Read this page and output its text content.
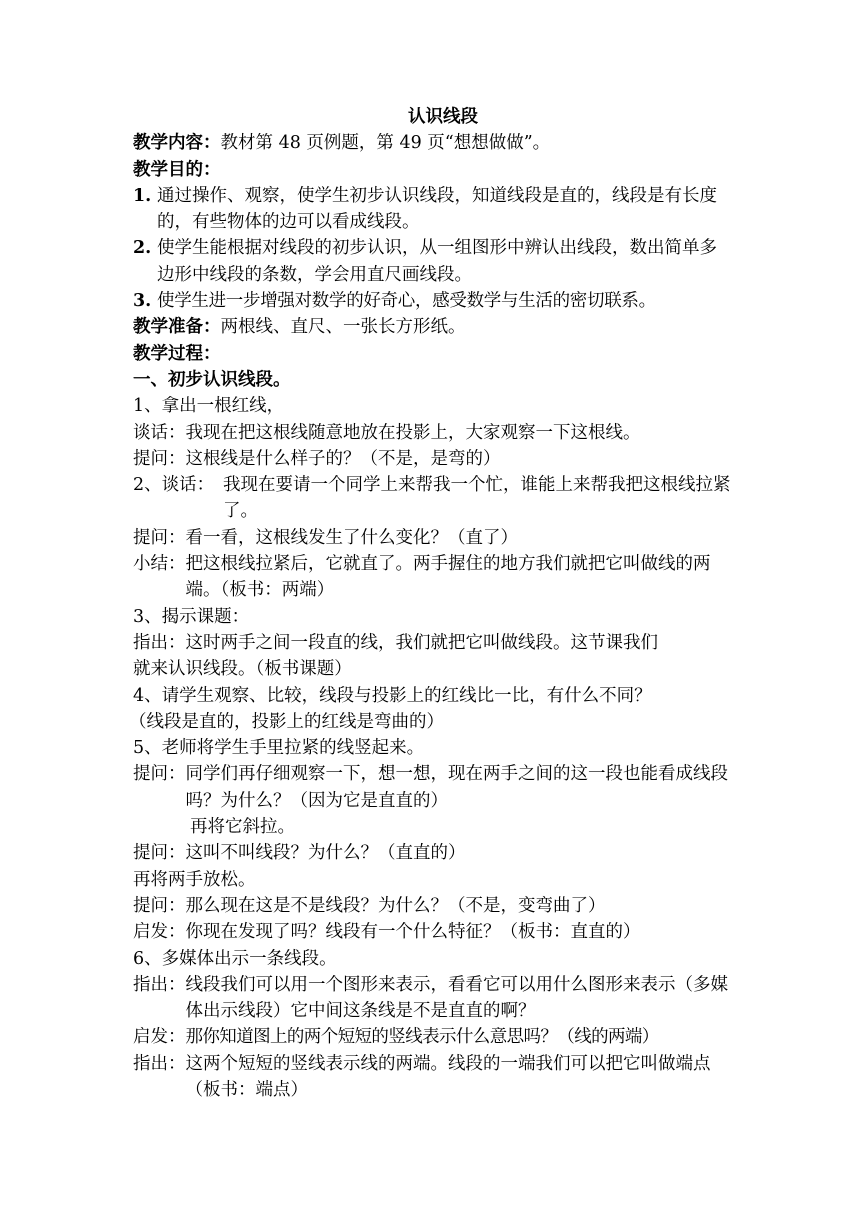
认识线段
教学内容：教材第 48 页例题，第 49 页“想想做做”。
教学目的：
1. 通过操作、观察，使学生初步认识线段，知道线段是直的，线段是有长度的，有些物体的边可以看成线段。
2. 使学生能根据对线段的初步认识，从一组图形中辨认出线段，数出简单多边形中线段的条数，学会用直尺画线段。
3. 使学生进一步增强对数学的好奇心，感受数学与生活的密切联系。
教学准备：两根线、直尺、一张长方形纸。
教学过程：
一、初步认识线段。
1、拿出一根红线，
谈话： 我现在把这根线随意地放在投影上，大家观察一下这根线。
提问： 这根线是什么样子的？（不是，是弯的）
2、谈话： 我现在要请一个同学上来帮我一个忙，谁能上来帮我把这根线拉紧了。
提问： 看一看，这根线发生了什么变化？（直了）
小结： 把这根线拉紧后，它就直了。两手握住的地方我们就把它叫做线的两端。（板书：两端）
3、揭示课题：
指出： 这时两手之间一段直的线，我们就把它叫做线段。这节课我们
就来认识线段。（板书课题）
4、请学生观察、比较，线段与投影上的红线比一比，有什么不同？
（线段是直的，投影上的红线是弯曲的）
5、老师将学生手里拉紧的线竖起来。
提问： 同学们再仔细观察一下，想一想，现在两手之间的这一段也能看成线段吗？为什么？（因为它是直直的）
再将它斜拉。
提问： 这叫不叫线段？为什么？（直直的）
再将两手放松。
提问： 那么现在这是不是线段？为什么？（不是，变弯曲了）
启发： 你现在发现了吗？线段有一个什么特征？（板书：直直的）
6、多媒体出示一条线段。
指出： 线段我们可以用一个图形来表示，看看它可以用什么图形来表示（多媒体出示线段）它中间这条线是不是直直的啊？
启发： 那你知道图上的两个短短的竖线表示什么意思吗？（线的两端）
指出： 这两个短短的竖线表示线的两端。线段的一端我们可以把它叫做端点（板书：端点）
